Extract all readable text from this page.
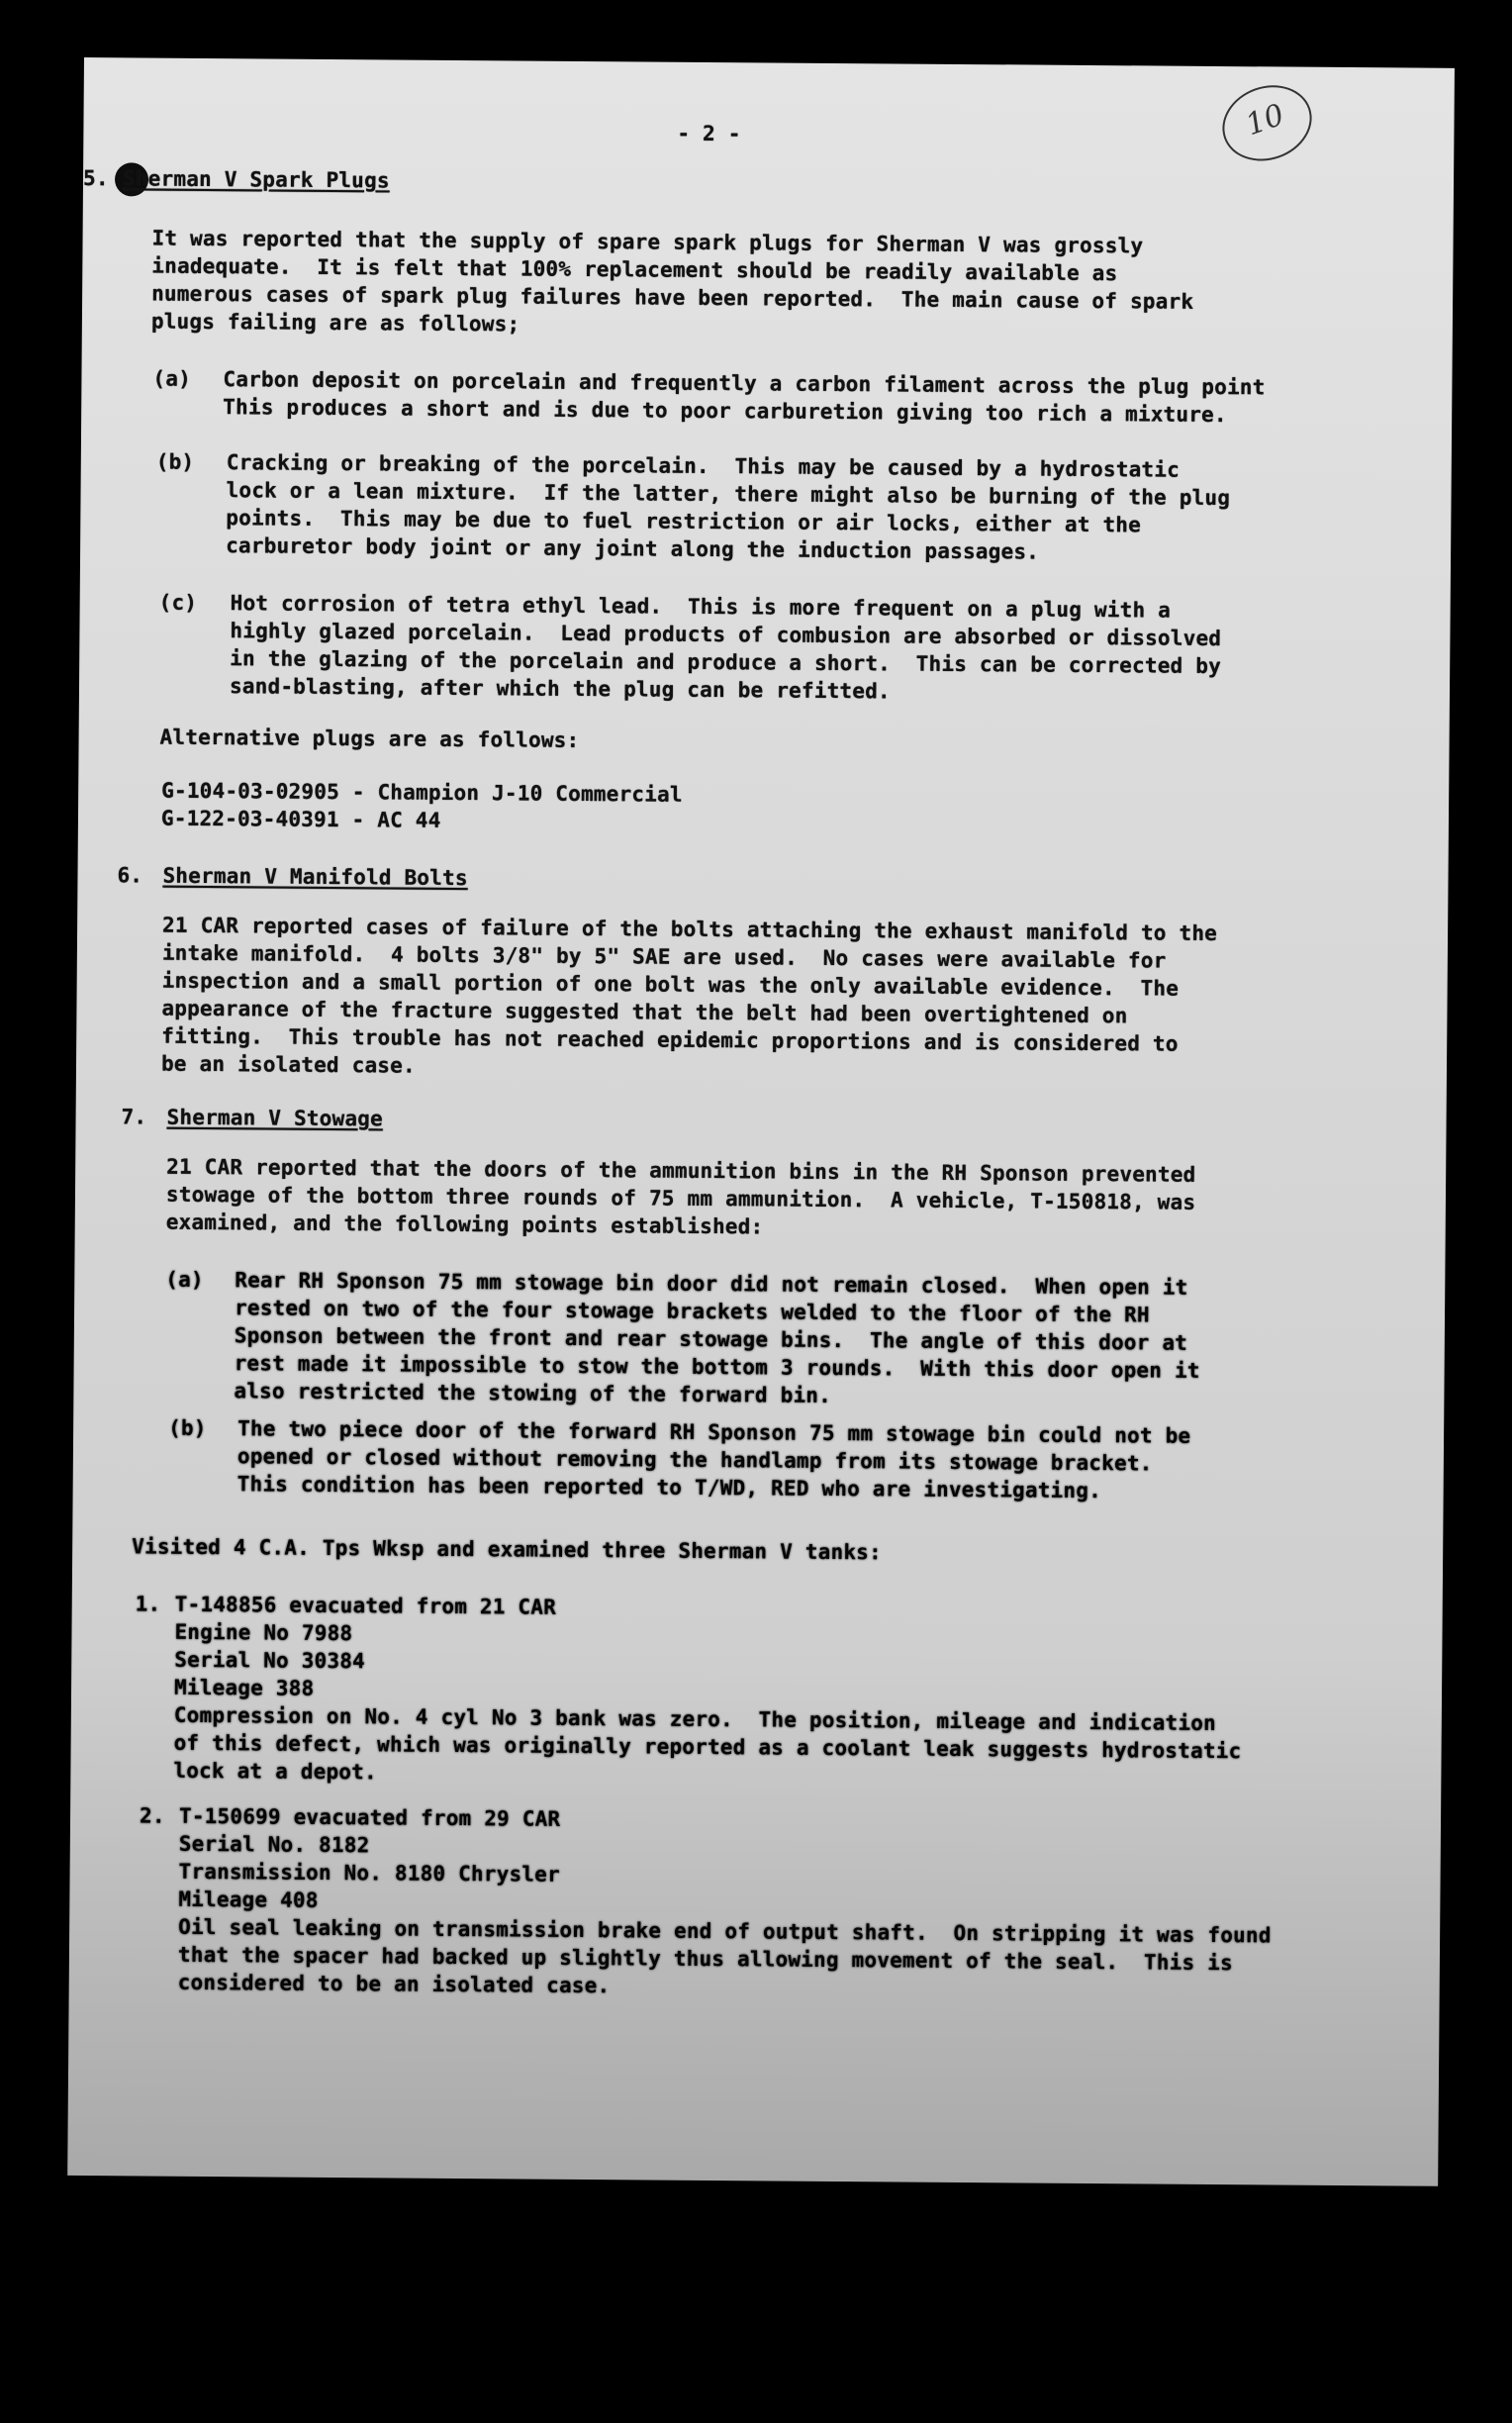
10

- 2 -

5. Sherman V Spark Plugs

It was reported that the supply of spare spark plugs for Sherman V was grossly
inadequate.  It is felt that 100% replacement should be readily available as
numerous cases of spark plug failures have been reported.  The main cause of spark
plugs failing are as follows;

(a) Carbon deposit on porcelain and frequently a carbon filament across the plug point
This produces a short and is due to poor carburetion giving too rich a mixture.

(b) Cracking or breaking of the porcelain.  This may be caused by a hydrostatic
lock or a lean mixture.  If the latter, there might also be burning of the plug
points.  This may be due to fuel restriction or air locks, either at the
carburetor body joint or any joint along the induction passages.

(c) Hot corrosion of tetra ethyl lead.  This is more frequent on a plug with a
highly glazed porcelain.  Lead products of combusion are absorbed or dissolved
in the glazing of the porcelain and produce a short.  This can be corrected by
sand-blasting, after which the plug can be refitted.

Alternative plugs are as follows:

G-104-03-02905 - Champion J-10 Commercial

G-122-03-40391 - AC 44

6. Sherman V Manifold Bolts

21 CAR reported cases of failure of the bolts attaching the exhaust manifold to the
intake manifold.  4 bolts 3/8" by 5" SAE are used.  No cases were available for
inspection and a small portion of one bolt was the only available evidence.  The
appearance of the fracture suggested that the belt had been overtightened on
fitting.  This trouble has not reached epidemic proportions and is considered to
be an isolated case.

7. Sherman V Stowage

21 CAR reported that the doors of the ammunition bins in the RH Sponson prevented
stowage of the bottom three rounds of 75 mm ammunition.  A vehicle, T-150818, was
examined, and the following points established:

(a) Rear RH Sponson 75 mm stowage bin door did not remain closed.  When open it
rested on two of the four stowage brackets welded to the floor of the RH
Sponson between the front and rear stowage bins.  The angle of this door at
rest made it impossible to stow the bottom 3 rounds.  With this door open it
also restricted the stowing of the forward bin.

(b) The two piece door of the forward RH Sponson 75 mm stowage bin could not be
opened or closed without removing the handlamp from its stowage bracket.
This condition has been reported to T/WD, RED who are investigating.

Visited 4 C.A. Tps Wksp and examined three Sherman V tanks:

1. T-148856 evacuated from 21 CAR
Engine No 7988
Serial No 30384
Mileage 388
Compression on No. 4 cyl No 3 bank was zero.  The position, mileage and indication
of this defect, which was originally reported as a coolant leak suggests hydrostatic
lock at a depot.

2. T-150699 evacuated from 29 CAR
Serial No. 8182
Transmission No. 8180 Chrysler
Mileage 408
Oil seal leaking on transmission brake end of output shaft.  On stripping it was found
that the spacer had backed up slightly thus allowing movement of the seal.  This is
considered to be an isolated case.
